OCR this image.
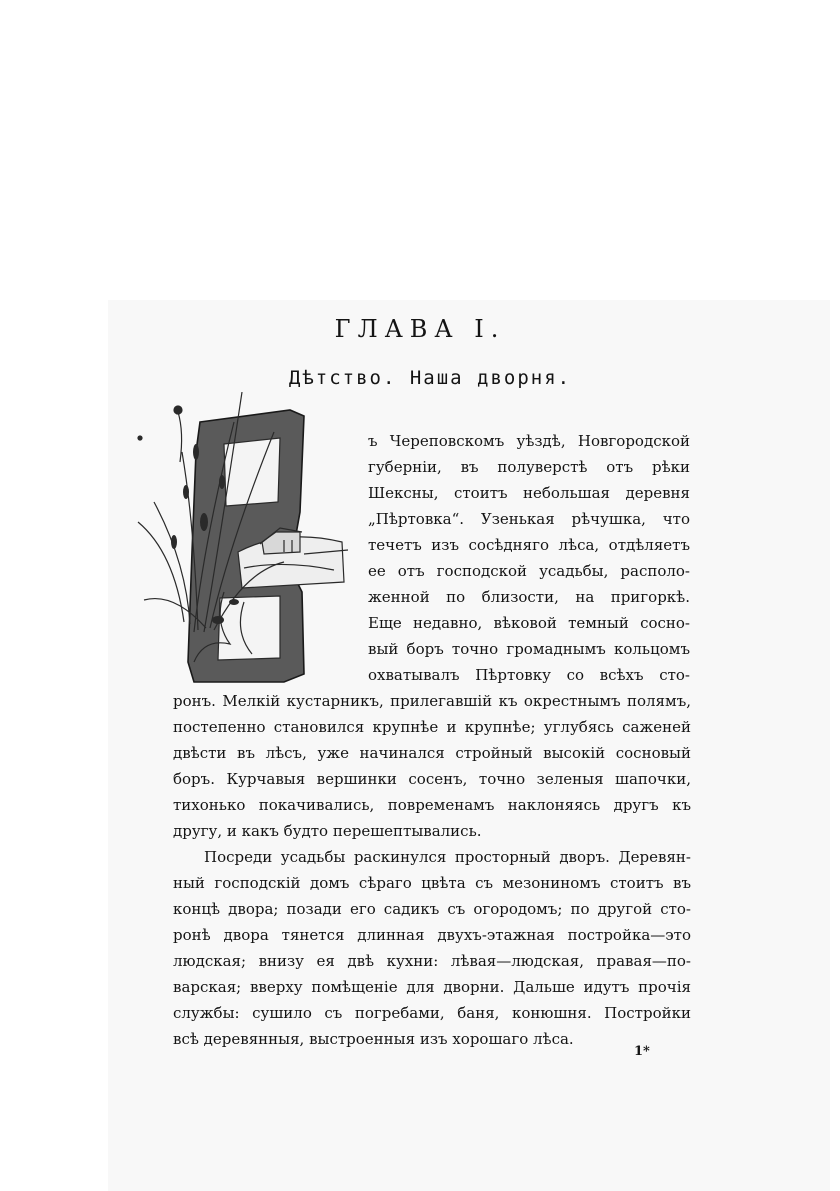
ГЛАВА I.
Дѣтство. Наша дворня.
ъ Череповскомъ уѣздѣ, Новгородской
губерніи, въ полуверстѣ отъ рѣки
Шексны, стоитъ небольшая деревня
„Пѣртовка“. Узенькая рѣчушка, что
течетъ изъ сосѣдняго лѣса, отдѣляетъ
ее отъ господской усадьбы, располо-
женной по близости, на пригоркѣ.
Еще недавно, вѣковой темный сосно-
вый боръ точно громаднымъ кольцомъ
охватывалъ Пѣртовку со всѣхъ сто-
ронъ. Мелкій кустарникъ, прилегавшій къ окрестнымъ полямъ,
постепенно становился крупнѣе и крупнѣе; углубясь саженей
двѣсти въ лѣсъ, уже начинался стройный высокій сосновый
боръ. Курчавыя вершинки сосенъ, точно зеленыя шапочки,
тихонько покачивались, повременамъ наклоняясь другъ къ
другу, и какъ будто перешептывались.
Посреди усадьбы раскинулся просторный дворъ. Деревян-
ный господскій домъ сѣраго цвѣта съ мезониномъ стоитъ въ
концѣ двора; позади его садикъ съ огородомъ; по другой сто-
ронѣ двора тянется длинная двухъ-этажная постройка—это
людская; внизу ея двѣ кухни: лѣвая—людская, правая—по-
варская; вверху помѣщеніе для дворни. Дальше идутъ прочія
службы: сушило съ погребами, баня, конюшня. Постройки
всѣ деревянныя, выстроенныя изъ хорошаго лѣса.
1*
